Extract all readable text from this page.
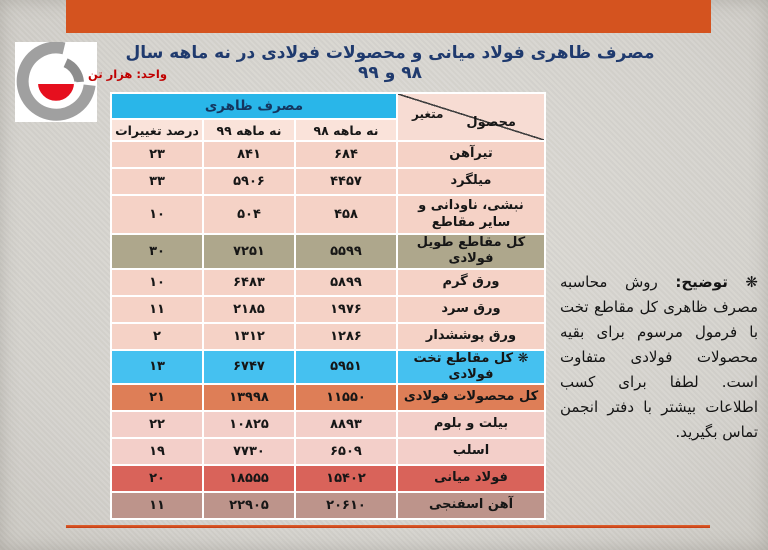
مصرف ظاهری فولاد میانی و محصولات فولادی در نه ماهه سال ۹۸ و ۹۹
واحد: هزار تن
محصول
متغیر	مصرف ظاهری		
	نه ماهه ۹۸	نه ماهه ۹۹	درصد تغییرات
تیرآهن	۶۸۴	۸۴۱	۲۳
میلگرد	۴۴۵۷	۵۹۰۶	۳۳
نبشی، ناودانی و سایر مقاطع	۴۵۸	۵۰۴	۱۰
کل مقاطع طویل فولادی	۵۵۹۹	۷۲۵۱	۳۰
ورق گرم	۵۸۹۹	۶۴۸۳	۱۰
ورق سرد	۱۹۷۶	۲۱۸۵	۱۱
ورق پوششدار	۱۲۸۶	۱۳۱۲	۲
❋ کل مقاطع تخت فولادی	۵۹۵۱	۶۷۴۷	۱۳
کل محصولات فولادی	۱۱۵۵۰	۱۳۹۹۸	۲۱
بیلت و بلوم	۸۸۹۳	۱۰۸۲۵	۲۲
اسلب	۶۵۰۹	۷۷۳۰	۱۹
فولاد میانی	۱۵۴۰۲	۱۸۵۵۵	۲۰
آهن اسفنجی	۲۰۶۱۰	۲۲۹۰۵	۱۱

❋ توضیح: روش محاسبه مصرف ظاهری کل مقاطع تخت با فرمول مرسوم برای بقیه محصولات فولادی متفاوت است. لطفا برای کسب اطلاعات بیشتر با دفتر انجمن تماس بگیرید.
